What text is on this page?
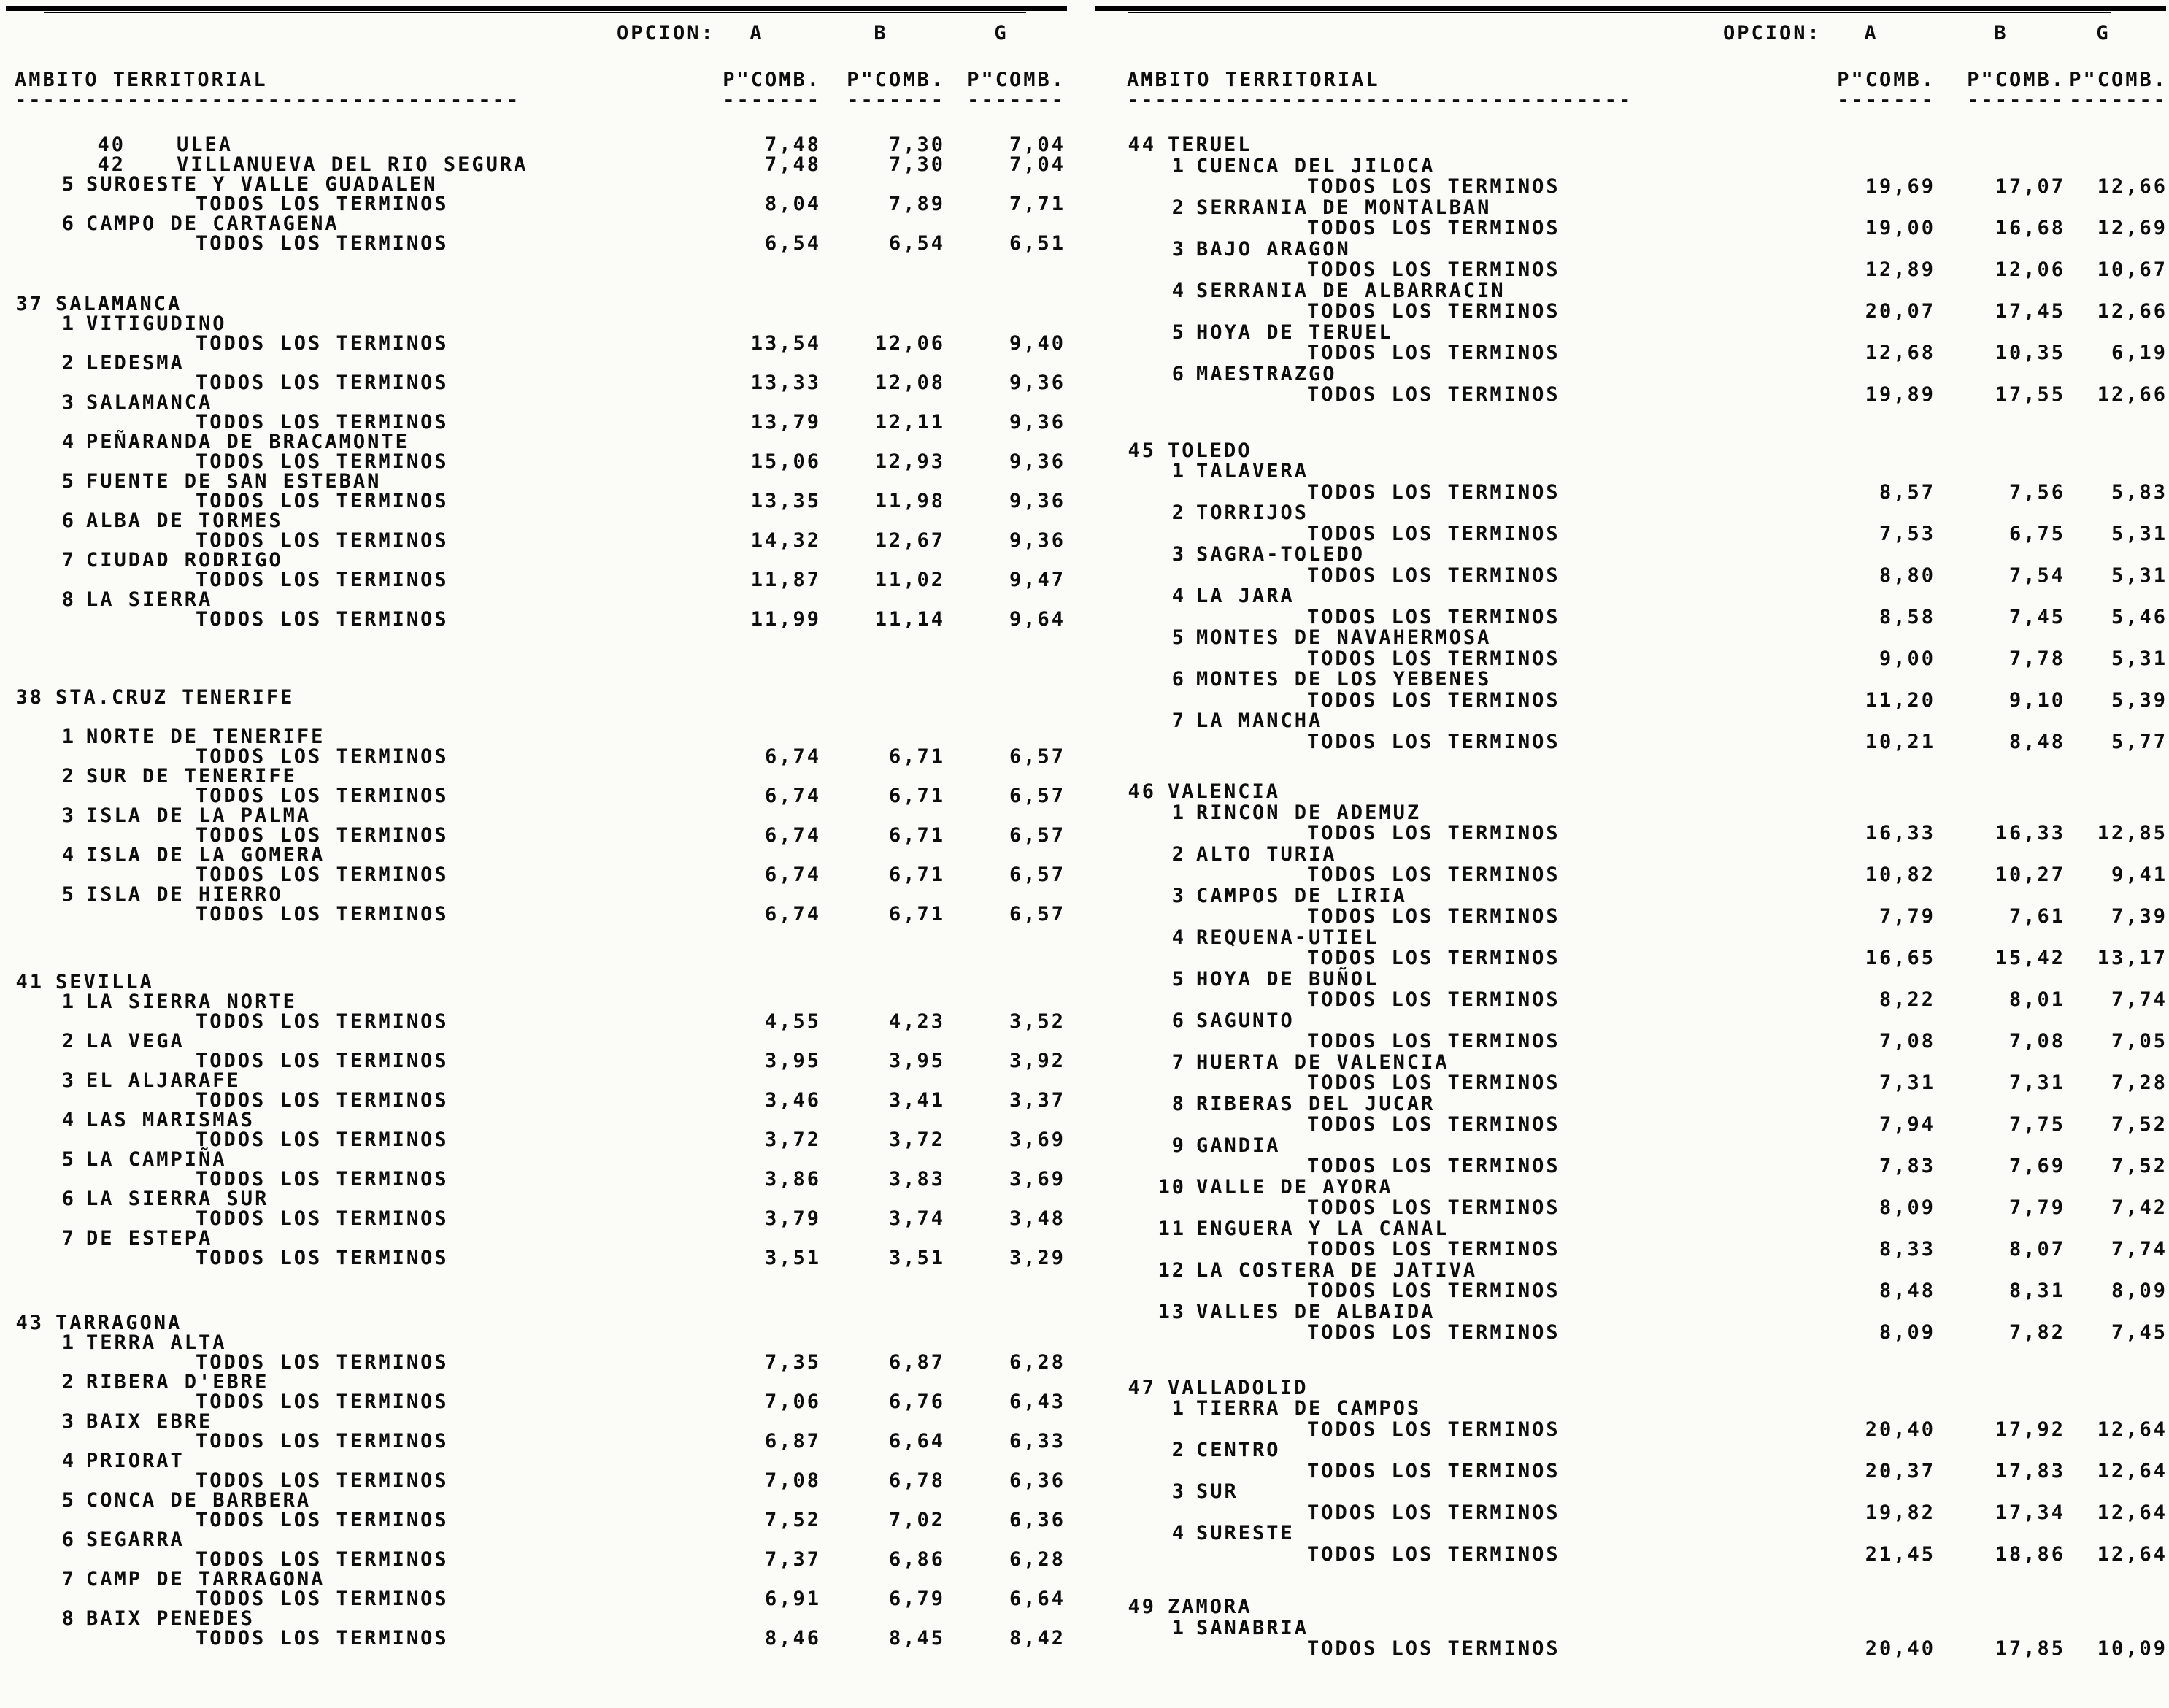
OPCION:	A	B	G
AMBITO TERRITORIAL
------------------------------------
P"COMB.	P"COMB.	P"COMB.
-------	-------	-------
40	ULEA	7,48	7,30	7,04
42	VILLANUEVA DEL RIO SEGURA	7,48	7,30	7,04
5 SUROESTE Y VALLE GUADALEN
TODOS LOS TERMINOS	8,04	7,89	7,71
6 CAMPO DE CARTAGENA
TODOS LOS TERMINOS	6,54	6,54	6,51
37 SALAMANCA
1 VITIGUDINO
TODOS LOS TERMINOS	13,54	12,06	9,40
2 LEDESMA
TODOS LOS TERMINOS	13,33	12,08	9,36
3 SALAMANCA
TODOS LOS TERMINOS	13,79	12,11	9,36
4 PEÑARANDA DE BRACAMONTE
TODOS LOS TERMINOS	15,06	12,93	9,36
5 FUENTE DE SAN ESTEBAN
TODOS LOS TERMINOS	13,35	11,98	9,36
6 ALBA DE TORMES
TODOS LOS TERMINOS	14,32	12,67	9,36
7 CIUDAD RODRIGO
TODOS LOS TERMINOS	11,87	11,02	9,47
8 LA SIERRA
TODOS LOS TERMINOS	11,99	11,14	9,64
38 STA.CRUZ TENERIFE
1 NORTE DE TENERIFE
TODOS LOS TERMINOS	6,74	6,71	6,57
2 SUR DE TENERIFE
TODOS LOS TERMINOS	6,74	6,71	6,57
3 ISLA DE LA PALMA
TODOS LOS TERMINOS	6,74	6,71	6,57
4 ISLA DE LA GOMERA
TODOS LOS TERMINOS	6,74	6,71	6,57
5 ISLA DE HIERRO
TODOS LOS TERMINOS	6,74	6,71	6,57
41 SEVILLA
1 LA SIERRA NORTE
TODOS LOS TERMINOS	4,55	4,23	3,52
2 LA VEGA
TODOS LOS TERMINOS	3,95	3,95	3,92
3 EL ALJARAFE
TODOS LOS TERMINOS	3,46	3,41	3,37
4 LAS MARISMAS
TODOS LOS TERMINOS	3,72	3,72	3,69
5 LA CAMPIÑA
TODOS LOS TERMINOS	3,86	3,83	3,69
6 LA SIERRA SUR
TODOS LOS TERMINOS	3,79	3,74	3,48
7 DE ESTEPA
TODOS LOS TERMINOS	3,51	3,51	3,29
43 TARRAGONA
1 TERRA ALTA
TODOS LOS TERMINOS	7,35	6,87	6,28
2 RIBERA D'EBRE
TODOS LOS TERMINOS	7,06	6,76	6,43
3 BAIX EBRE
TODOS LOS TERMINOS	6,87	6,64	6,33
4 PRIORAT
TODOS LOS TERMINOS	7,08	6,78	6,36
5 CONCA DE BARBERA
TODOS LOS TERMINOS	7,52	7,02	6,36
6 SEGARRA
TODOS LOS TERMINOS	7,37	6,86	6,28
7 CAMP DE TARRAGONA
TODOS LOS TERMINOS	6,91	6,79	6,64
8 BAIX PENEDES
TODOS LOS TERMINOS	8,46	8,45	8,42
OPCION:	A	B	G
AMBITO TERRITORIAL
------------------------------------
P"COMB.	P"COMB. P"COMB.
-------	------- -------
44 TERUEL
1 CUENCA DEL JILOCA
TODOS LOS TERMINOS	19,69	17,07	12,66
2 SERRANIA DE MONTALBAN
TODOS LOS TERMINOS	19,00	16,68	12,69
3 BAJO ARAGON
TODOS LOS TERMINOS	12,89	12,06	10,67
4 SERRANIA DE ALBARRACIN
TODOS LOS TERMINOS	20,07	17,45	12,66
5 HOYA DE TERUEL
TODOS LOS TERMINOS	12,68	10,35	6,19
6 MAESTRAZGO
TODOS LOS TERMINOS	19,89	17,55	12,66
45 TOLEDO
1 TALAVERA
TODOS LOS TERMINOS	8,57	7,56	5,83
2 TORRIJOS
TODOS LOS TERMINOS	7,53	6,75	5,31
3 SAGRA-TOLEDO
TODOS LOS TERMINOS	8,80	7,54	5,31
4 LA JARA
TODOS LOS TERMINOS	8,58	7,45	5,46
5 MONTES DE NAVAHERMOSA
TODOS LOS TERMINOS	9,00	7,78	5,31
6 MONTES DE LOS YEBENES
TODOS LOS TERMINOS	11,20	9,10	5,39
7 LA MANCHA
TODOS LOS TERMINOS	10,21	8,48	5,77
46 VALENCIA
1 RINCON DE ADEMUZ
TODOS LOS TERMINOS	16,33	16,33	12,85
2 ALTO TURIA
TODOS LOS TERMINOS	10,82	10,27	9,41
3 CAMPOS DE LIRIA
TODOS LOS TERMINOS	7,79	7,61	7,39
4 REQUENA-UTIEL
TODOS LOS TERMINOS	16,65	15,42	13,17
5 HOYA DE BUÑOL
TODOS LOS TERMINOS	8,22	8,01	7,74
6 SAGUNTO
TODOS LOS TERMINOS	7,08	7,08	7,05
7 HUERTA DE VALENCIA
TODOS LOS TERMINOS	7,31	7,31	7,28
8 RIBERAS DEL JUCAR
TODOS LOS TERMINOS	7,94	7,75	7,52
9 GANDIA
TODOS LOS TERMINOS	7,83	7,69	7,52
10 VALLE DE AYORA
TODOS LOS TERMINOS	8,09	7,79	7,42
11 ENGUERA Y LA CANAL
TODOS LOS TERMINOS	8,33	8,07	7,74
12 LA COSTERA DE JATIVA
TODOS LOS TERMINOS	8,48	8,31	8,09
13 VALLES DE ALBAIDA
TODOS LOS TERMINOS	8,09	7,82	7,45
47 VALLADOLID
1 TIERRA DE CAMPOS
TODOS LOS TERMINOS	20,40	17,92	12,64
2 CENTRO
TODOS LOS TERMINOS	20,37	17,83	12,64
3 SUR
TODOS LOS TERMINOS	19,82	17,34	12,64
4 SURESTE
TODOS LOS TERMINOS	21,45	18,86	12,64
49 ZAMORA
1 SANABRIA
TODOS LOS TERMINOS	20,40	17,85	10,09
